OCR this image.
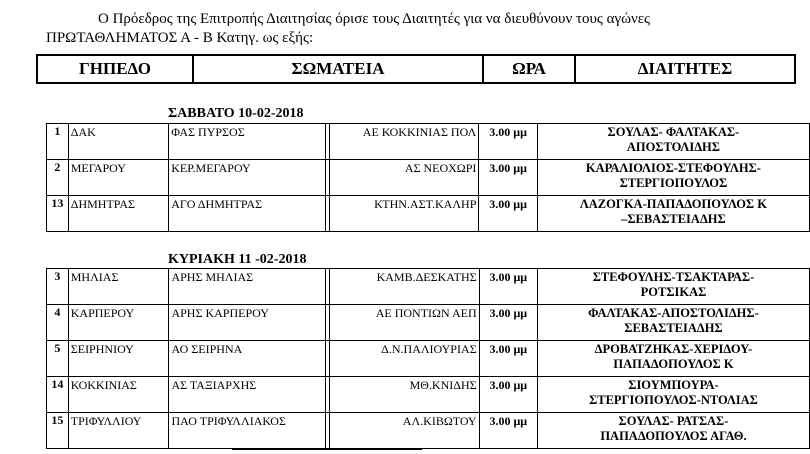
Ο Πρόεδρος της Επιτροπής Διαιτησίας όρισε τους Διαιτητές για να διευθύνουν τους αγώνες
ΠΡΩΤΑΘΛΗΜΑΤΟΣ Α - Β Κατηγ. ως εξής:
ΓΗΠΕΔΟ	ΣΩΜΑΤΕΙΑ	ΩΡΑ	ΔΙΑΙΤΗΤΕΣ
ΣΑΒΒΑΤΟ 10-02-2018
1	ΔΑΚ	ΦΑΣ ΠΥΡΣΟΣ		ΑΕ ΚΟΚΚΙΝΙΑΣ ΠΟΛ	3.00 μμ	ΣΟΥΛΑΣ- ΦΑΛΤΑΚΑΣ-
ΑΠΟΣΤΟΛΙΔΗΣ
2	ΜΕΓΑΡΟΥ	ΚΕΡ.ΜΕΓΑΡΟΥ		ΑΣ ΝΕΟΧΩΡΙ	3.00 μμ	ΚΑΡΑΛΙΟΛΙΟΣ-ΣΤΕΦΟΥΛΗΣ-
ΣΤΕΡΓΙΟΠΟΥΛΟΣ
13	ΔΗΜΗΤΡΑΣ	ΑΓΟ ΔΗΜΗΤΡΑΣ		ΚΤΗΝ.ΑΣΤ.ΚΑΛΗΡ	3.00 μμ	ΛΑΖΟΓΚΑ-ΠΑΠΑΔΟΠΟΥΛΟΣ Κ
–ΣΕΒΑΣΤΕΙΑΔΗΣ
ΚΥΡΙΑΚΗ 11 -02-2018
3	ΜΗΛΙΑΣ	ΑΡΗΣ ΜΗΛΙΑΣ		ΚΑΜΒ.ΔΕΣΚΑΤΗΣ	3.00 μμ	ΣΤΕΦΟΥΛΗΣ-ΤΣΑΚΤΑΡΑΣ-
ΡΟΤΣΙΚΑΣ
4	ΚΑΡΠΕΡΟΥ	ΑΡΗΣ ΚΑΡΠΕΡΟΥ		ΑΕ ΠΟΝΤΙΩΝ ΑΕΠ	3.00 μμ	ΦΑΛΤΑΚΑΣ-ΑΠΟΣΤΟΛΙΔΗΣ-
ΣΕΒΑΣΤΕΙΑΔΗΣ
5	ΣΕΙΡΗΝΙΟΥ	ΑΟ ΣΕΙΡΗΝΑ		Δ.Ν.ΠΑΛΙΟΥΡΙΑΣ	3.00 μμ	ΔΡΟΒΑΤΖΗΚΑΣ-ΧΕΡΙΔΟΥ-
ΠΑΠΑΔΟΠΟΥΛΟΣ Κ
14	ΚΟΚΚΙΝΙΑΣ	ΑΣ ΤΑΞΙΑΡΧΗΣ		ΜΘ.ΚΝΙΔΗΣ	3.00 μμ	ΣΙΟΥΜΠΟΥΡΑ-
ΣΤΕΡΓΙΟΠΟΥΛΟΣ-ΝΤΟΛΙΑΣ
15	ΤΡΙΦΥΛΛΙΟΥ	ΠΑΟ ΤΡΙΦΥΛΛΙΑΚΟΣ		ΑΛ.ΚΙΒΩΤΟΥ	3.00 μμ	ΣΟΥΛΑΣ- ΡΑΤΣΑΣ-
ΠΑΠΑΔΟΠΟΥΛΟΣ ΑΓΑΘ.
